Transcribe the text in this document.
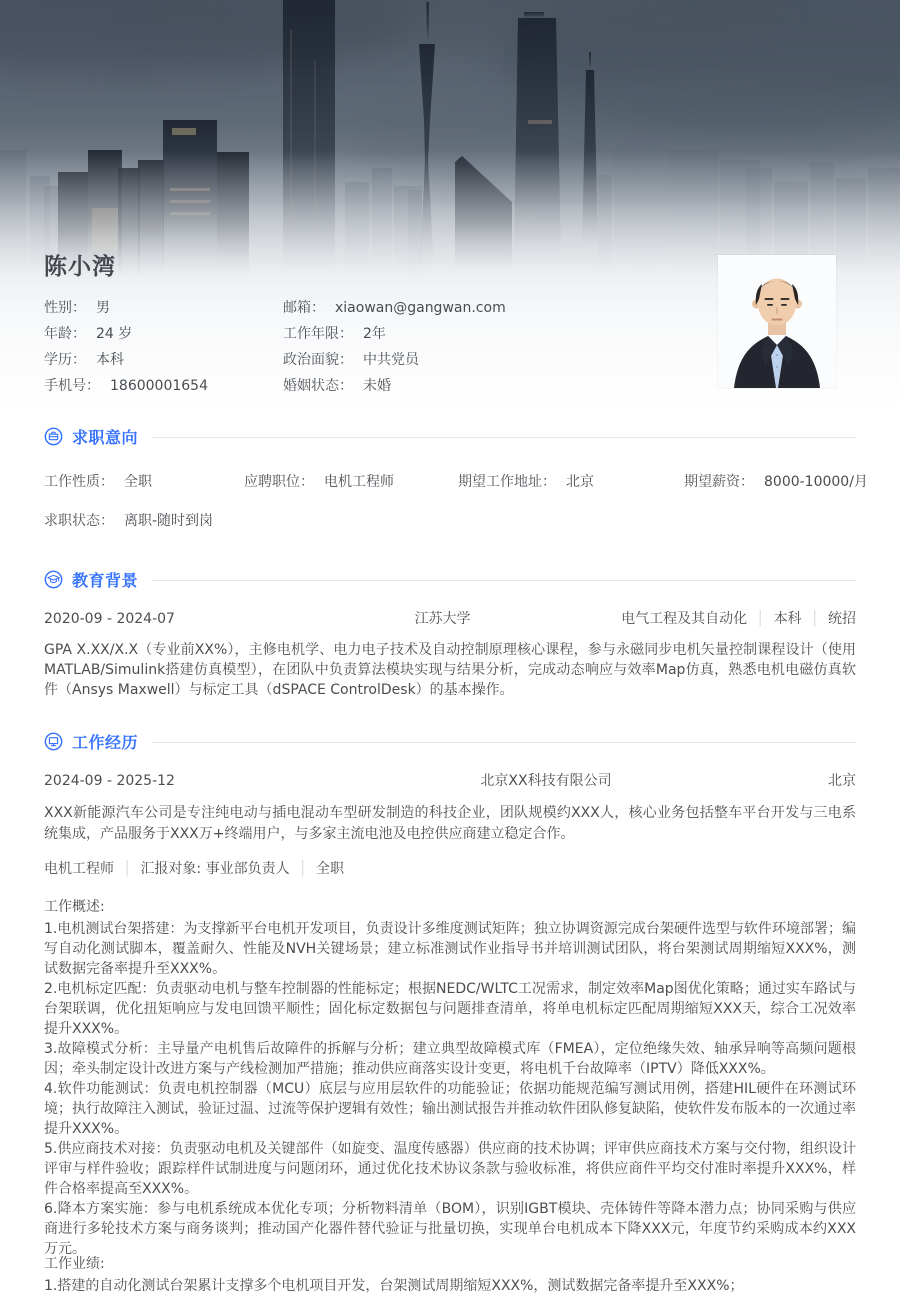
陈小湾
性别： 男
年龄： 24 岁
学历： 本科
手机号： 18600001654
邮箱： xiaowan@gangwan.com
工作年限： 2年
政治面貌： 中共党员
婚姻状态： 未婚
求职意向
工作性质： 全职	应聘职位： 电机工程师	期望工作地址： 北京	期望薪资： 8000-10000/月
求职状态： 离职-随时到岗
教育背景
2020-09 - 2024-07	江苏大学	电气工程及其自动化 │ 本科 │ 统招
GPA X.XX/X.X（专业前XX%），主修电机学、电力电子技术及自动控制原理核心课程，参与永磁同步电机矢量控制课程设计（使用MATLAB/Simulink搭建仿真模型），在团队中负责算法模块实现与结果分析，完成动态响应与效率Map仿真，熟悉电机电磁仿真软件（Ansys Maxwell）与标定工具（dSPACE ControlDesk）的基本操作。
工作经历
2024-09 - 2025-12	北京XX科技有限公司	北京
XXX新能源汽车公司是专注纯电动与插电混动车型研发制造的科技企业，团队规模约XXX人，核心业务包括整车平台开发与三电系统集成，产品服务于XXX万+终端用户，与多家主流电池及电控供应商建立稳定合作。
电机工程师 │ 汇报对象: 事业部负责人 │ 全职
工作概述:
1.电机测试台架搭建：为支撑新平台电机开发项目，负责设计多维度测试矩阵；独立协调资源完成台架硬件选型与软件环境部署；编写自动化测试脚本，覆盖耐久、性能及NVH关键场景；建立标准测试作业指导书并培训测试团队，将台架测试周期缩短XXX%，测试数据完备率提升至XXX%。
2.电机标定匹配：负责驱动电机与整车控制器的性能标定；根据NEDC/WLTC工况需求，制定效率Map图优化策略；通过实车路试与台架联调，优化扭矩响应与发电回馈平顺性；固化标定数据包与问题排查清单，将单电机标定匹配周期缩短XXX天，综合工况效率提升XXX%。
3.故障模式分析：主导量产电机售后故障件的拆解与分析；建立典型故障模式库（FMEA），定位绝缘失效、轴承异响等高频问题根因；牵头制定设计改进方案与产线检测加严措施；推动供应商落实设计变更，将电机千台故障率（IPTV）降低XXX%。
4.软件功能测试：负责电机控制器（MCU）底层与应用层软件的功能验证；依据功能规范编写测试用例，搭建HIL硬件在环测试环境；执行故障注入测试，验证过温、过流等保护逻辑有效性；输出测试报告并推动软件团队修复缺陷，使软件发布版本的一次通过率提升XXX%。
5.供应商技术对接：负责驱动电机及关键部件（如旋变、温度传感器）供应商的技术协调；评审供应商技术方案与交付物，组织设计评审与样件验收；跟踪样件试制进度与问题闭环，通过优化技术协议条款与验收标准，将供应商件平均交付准时率提升XXX%，样件合格率提高至XXX%。
6.降本方案实施：参与电机系统成本优化专项；分析物料清单（BOM），识别IGBT模块、壳体铸件等降本潜力点；协同采购与供应商进行多轮技术方案与商务谈判；推动国产化器件替代验证与批量切换，实现单台电机成本下降XXX元，年度节约采购成本约XXX万元。
工作业绩:
1.搭建的自动化测试台架累计支撑多个电机项目开发，台架测试周期缩短XXX%，测试数据完备率提升至XXX%；
